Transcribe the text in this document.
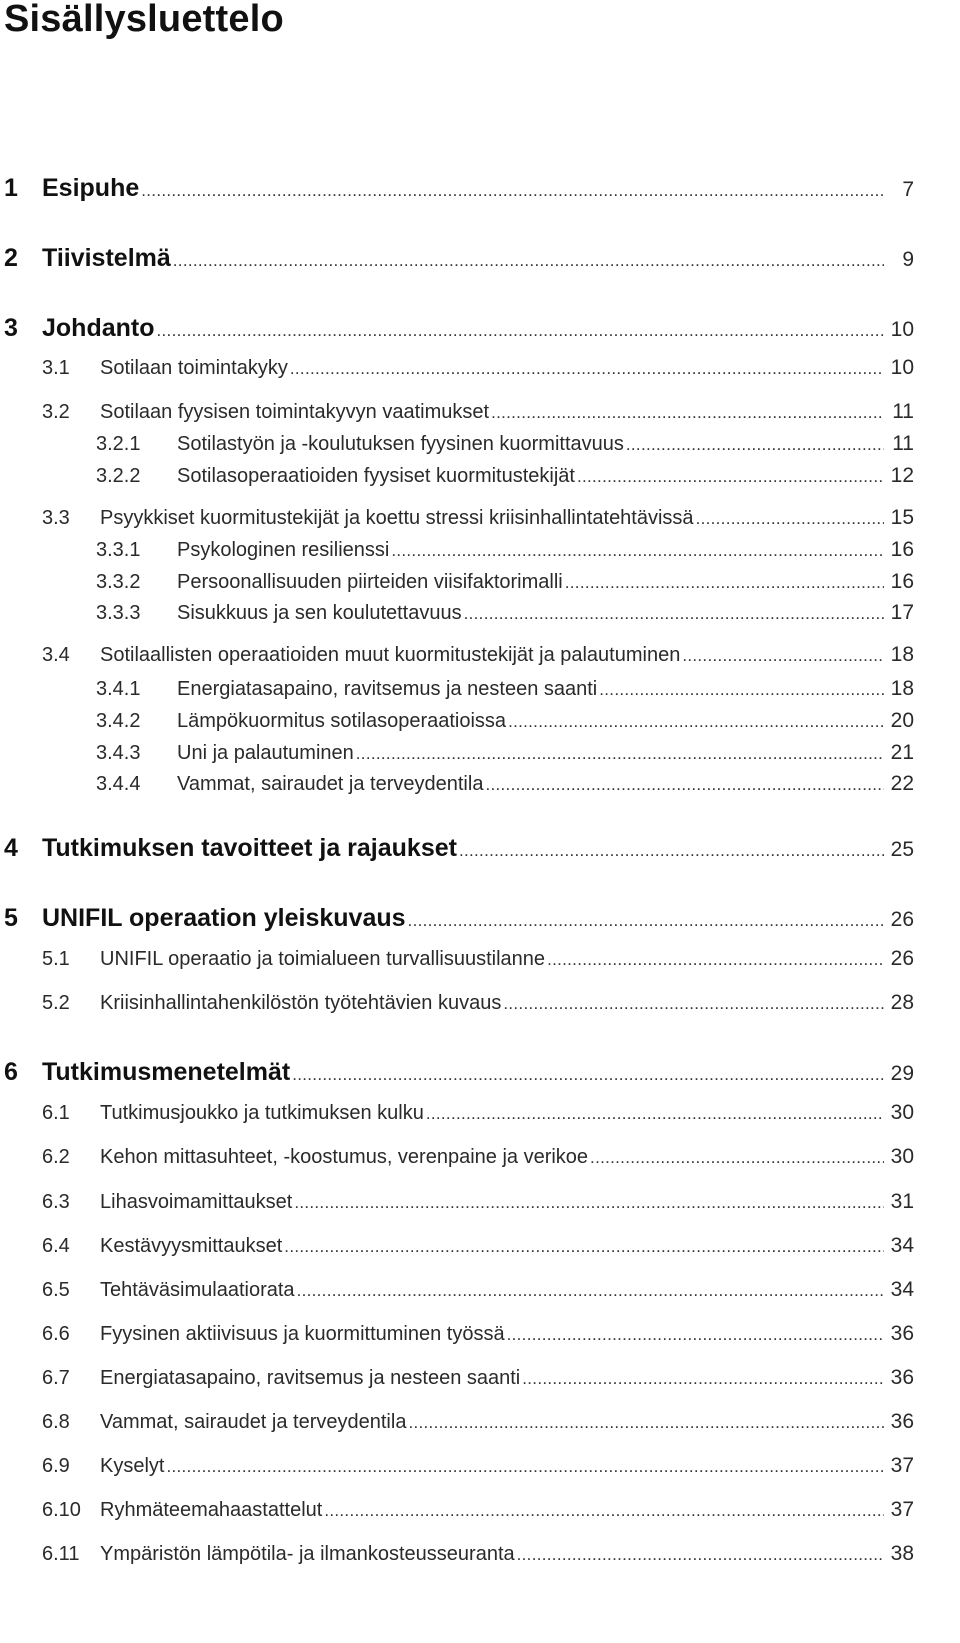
Sisällysluettelo
1 Esipuhe .....	7
2 Tiivistelmä .....	9
3 Johdanto .....	10
3.1	Sotilaan toimintakyky .....	10
3.2	Sotilaan fyysisen toimintakyvyn vaatimukset .....	11
3.2.1	Sotilastyön ja -koulutuksen fyysinen kuormittavuus .....	11
3.2.2	Sotilasoperaatioiden fyysiset kuormitustekijät .....	12
3.3	Psyykkiset kuormitustekijät ja koettu stressi kriisinhallintatehtävissä .....	15
3.3.1	Psykologinen resilienssi .....	16
3.3.2	Persoonallisuuden piirteiden viisifaktorimalli .....	16
3.3.3	Sisukkuus ja sen koulutettavuus .....	17
3.4	Sotilaallisten operaatioiden muut kuormitustekijät ja palautuminen .....	18
3.4.1	Energiatasapaino, ravitsemus ja nesteen saanti .....	18
3.4.2	Lämpökuormitus sotilasoperaatioissa .....	20
3.4.3	Uni ja palautuminen .....	21
3.4.4	Vammat, sairaudet ja terveydentila .....	22
4 Tutkimuksen tavoitteet ja rajaukset .....	25
5 UNIFIL operaation yleiskuvaus .....	26
5.1	UNIFIL operaatio ja toimialueen turvallisuustilanne .....	26
5.2	Kriisinhallintahenkilöstön työtehtävien kuvaus .....	28
6 Tutkimusmenetelmät .....	29
6.1	Tutkimusjoukko ja tutkimuksen kulku .....	30
6.2	Kehon mittasuhteet, -koostumus, verenpaine ja verikoe .....	30
6.3	Lihasvoimamittaukset .....	31
6.4	Kestävyysmittaukset .....	34
6.5	Tehtäväsimulaatiorata .....	34
6.6	Fyysinen aktiivisuus ja kuormittuminen työssä .....	36
6.7	Energiatasapaino, ravitsemus ja nesteen saanti .....	36
6.8	Vammat, sairaudet ja terveydentila .....	36
6.9	Kyselyt .....	37
6.10 Ryhmäteemahaastattelut .....	37
6.11	Ympäristön lämpötila- ja ilmankosteusseuranta .....	38
